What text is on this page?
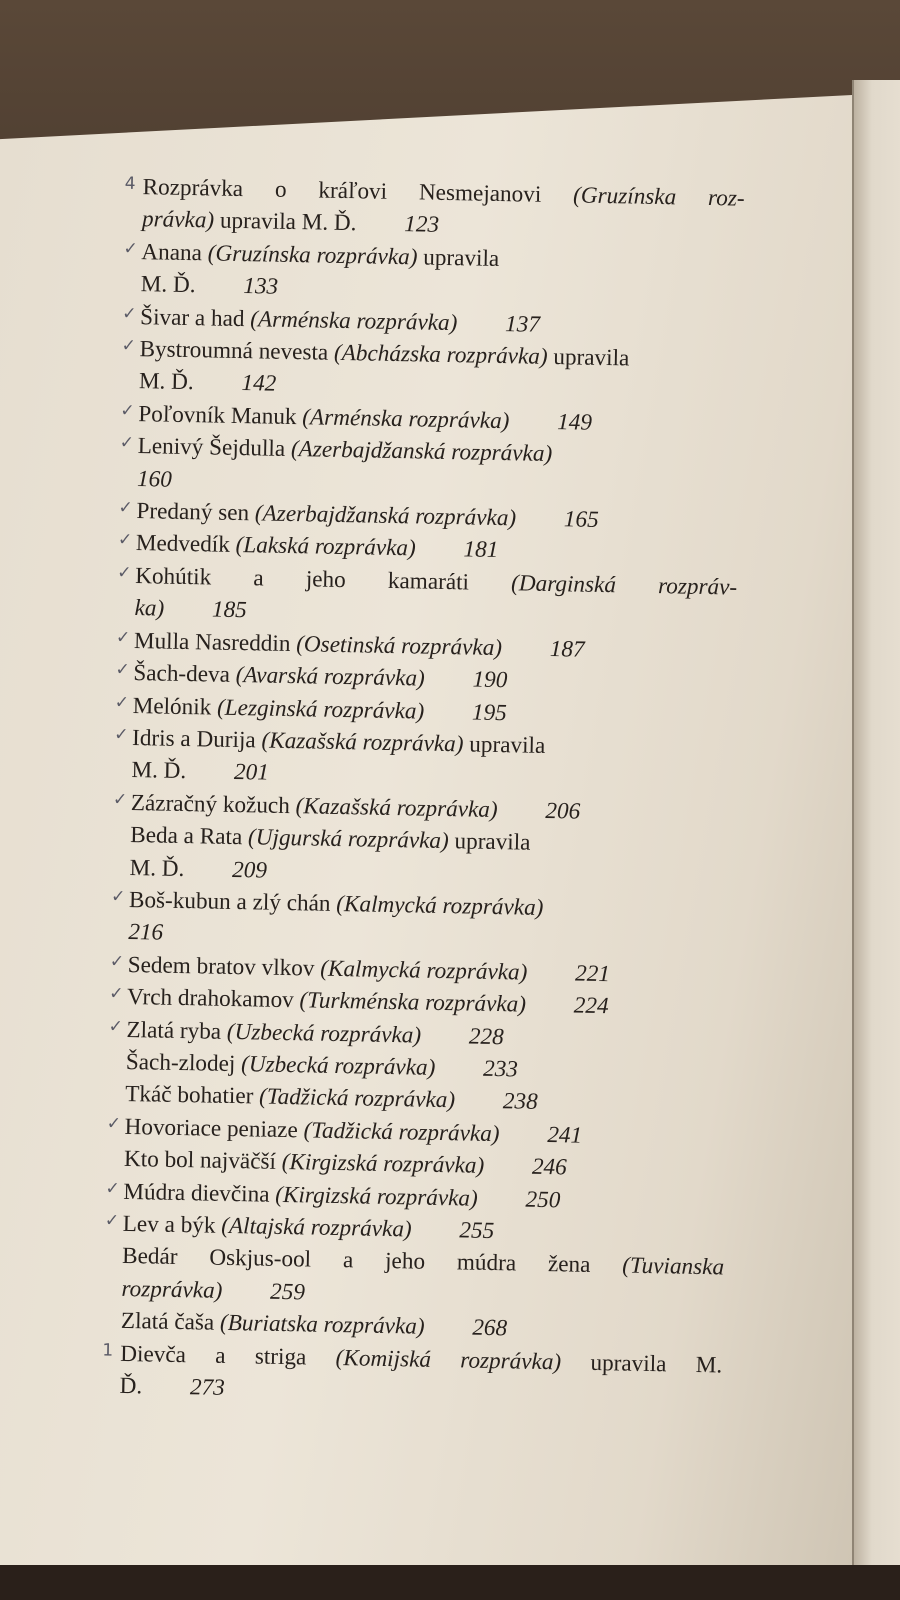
4 Rozprávka o kráľovi Nesmejanovi (Gruzínska roz-
právka) upravila M. Ď. 123
✓ Anana (Gruzínska rozprávka) upravila
M. Ď. 133
✓ Šivar a had (Arménska rozprávka) 137
✓ Bystroumná nevesta (Abcházska rozprávka) upravila
M. Ď. 142
✓ Poľovník Manuk (Arménska rozprávka) 149
✓ Lenivý Šejdulla (Azerbajdžanská rozprávka)
160
✓ Predaný sen (Azerbajdžanská rozprávka) 165
✓ Medvedík (Lakská rozprávka) 181
✓ Kohútik a jeho kamaráti (Darginská rozpráv-
ka) 185
✓ Mulla Nasreddin (Osetinská rozprávka) 187
✓ Šach-deva (Avarská rozprávka) 190
✓ Melónik (Lezginská rozprávka) 195
✓ Idris a Durija (Kazašská rozprávka) upravila
M. Ď. 201
✓ Zázračný kožuch (Kazašská rozprávka) 206
Beda a Rata (Ujgurská rozprávka) upravila
M. Ď. 209
✓ Boš-kubun a zlý chán (Kalmycká rozprávka)
216
✓ Sedem bratov vlkov (Kalmycká rozprávka) 221
✓ Vrch drahokamov (Turkménska rozprávka) 224
✓ Zlatá ryba (Uzbecká rozprávka) 228
Šach-zlodej (Uzbecká rozprávka) 233
Tkáč bohatier (Tadžická rozprávka) 238
✓ Hovoriace peniaze (Tadžická rozprávka) 241
Kto bol najväčší (Kirgizská rozprávka) 246
✓ Múdra dievčina (Kirgizská rozprávka) 250
✓ Lev a býk (Altajská rozprávka) 255
Bedár Oskjus-ool a jeho múdra žena (Tuvianska
rozprávka) 259
Zlatá čaša (Buriatska rozprávka) 268
1 Dievča a striga (Komijská rozprávka) upravila M.
Ď. 273
